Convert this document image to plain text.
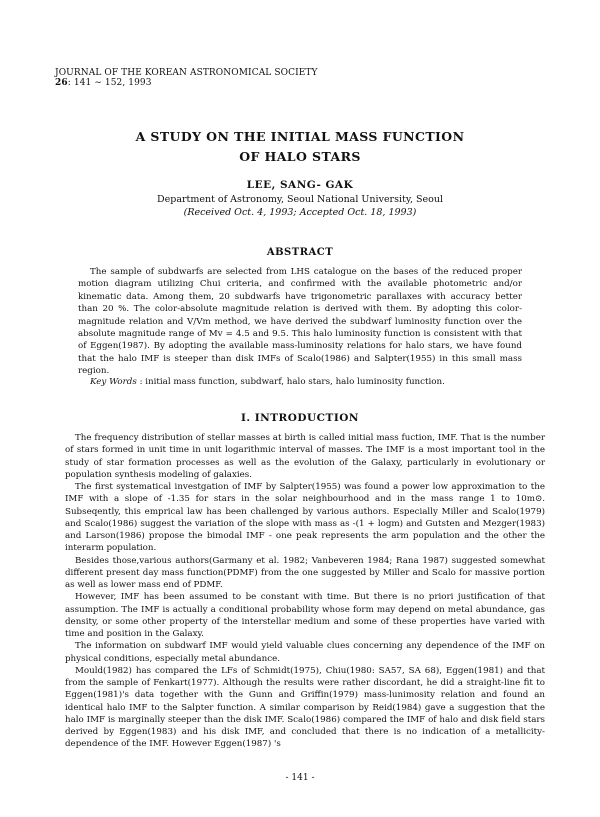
JOURNAL OF THE KOREAN ASTRONOMICAL SOCIETY
26: 141 ∼ 152, 1993
A STUDY ON THE INITIAL MASS FUNCTION
OF HALO STARS
LEE, SANG- GAK
Department of Astronomy, Seoul National University, Seoul
(Received Oct. 4, 1993; Accepted Oct. 18, 1993)
ABSTRACT
The sample of subdwarfs are selected from LHS catalogue on the bases of the reduced proper motion diagram utilizing Chui criteria, and confirmed with the available photometric and/or kinematic data. Among them, 20 subdwarfs have trigonometric parallaxes with accuracy better than 20 %. The color-absolute magnitude relation is derived with them. By adopting this color-magnitude relation and V/Vm method, we have derived the subdwarf luminosity function over the absolute magnitude range of Mv = 4.5 and 9.5. This halo luminosity function is consistent with that of Eggen(1987). By adopting the available mass-luminosity relations for halo stars, we have found that the halo IMF is steeper than disk IMFs of Scalo(1986) and Salpter(1955) in this small mass region.
Key Words : initial mass function, subdwarf, halo stars, halo luminosity function.
I. INTRODUCTION

The frequency distribution of stellar masses at birth is called initial mass fuction, IMF. That is the number of stars formed in unit time in unit logarithmic interval of masses. The IMF is a most important tool in the study of star formation processes as well as the evolution of the Galaxy, particularly in evolutionary or population synthesis modeling of galaxies.

The first systematical investgation of IMF by Salpter(1955) was found a power low approximation to the IMF with a slope of -1.35 for stars in the solar neighbourhood and in the mass range 1 to 10m⊙. Subseqently, this emprical law has been challenged by various authors. Especially Miller and Scalo(1979) and Scalo(1986) suggest the variation of the slope with mass as -(1 + logm) and Gutsten and Mezger(1983) and Larson(1986) propose the bimodal IMF - one peak represents the arm population and the other the interarm population.

Besides those,various authors(Garmany et al. 1982; Vanbeveren 1984; Rana 1987) suggested somewhat different present day mass function(PDMF) from the one suggested by Miller and Scalo for massive portion as well as lower mass end of PDMF.

However, IMF has been assumed to be constant with time. But there is no priori justification of that assumption. The IMF is actually a conditional probability whose form may depend on metal abundance, gas density, or some other property of the interstellar medium and some of these properties have varied with time and position in the Galaxy.

The information on subdwarf IMF would yield valuable clues concerning any dependence of the IMF on physical conditions, especially metal abundance.

Mould(1982) has compared the LFs of Schmidt(1975), Chiu(1980: SA57, SA 68), Eggen(1981) and that from the sample of Fenkart(1977). Although the results were rather discordant, he did a straight-line fit to Eggen(1981)'s data together with the Gunn and Griffin(1979) mass-lunimosity relation and found an identical halo IMF to the Salpter function. A similar comparison by Reid(1984) gave a suggestion that the halo IMF is marginally steeper than the disk IMF. Scalo(1986) compared the IMF of halo and disk field stars derived by Eggen(1983) and his disk IMF, and concluded that there is no indication of a metallicity-dependence of the IMF. However Eggen(1987) 's

- 141 -
